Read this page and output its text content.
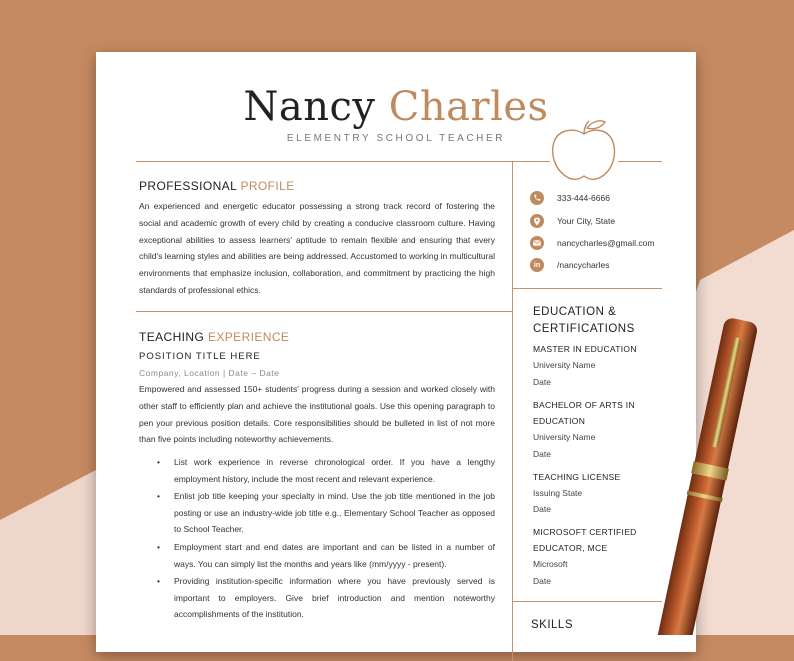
Nancy Charles
ELEMENTRY SCHOOL TEACHER
PROFESSIONAL PROFILE
An experienced and energetic educator possessing a strong track record of fostering the social and academic growth of every child by creating a conducive classroom culture. Having exceptional abilities to assess learners' aptitude to remain flexible and ensuring that every child's learning styles and abilities are being addressed. Accustomed to working in multicultural environments that emphasize inclusion, collaboration, and commitment by practicing the high standards of professional ethics.
TEACHING EXPERIENCE
POSITION TITLE HERE
Company, Location | Date – Date
Empowered and assessed 150+ students' progress during a session and worked closely with other staff to efficiently plan and achieve the institutional goals. Use this opening paragraph to pen your previous position details. Core responsibilities should be bulleted in list of not more than five points including noteworthy achievements.
• List work experience in reverse chronological order. If you have a lengthy employment history, include the most recent and relevant experience.
• Enlist job title keeping your specialty in mind. Use the job title mentioned in the job posting or use an industry-wide job title e.g., Elementary School Teacher as opposed to School Teacher.
• Employment start and end dates are important and can be listed in a number of ways. You can simply list the months and years like (mm/yyyy - present).
• Providing institution-specific information where you have previously served is important to employers. Give brief introduction and mention noteworthy accomplishments of the institution.
333-444-6666
Your City, State
nancycharles@gmail.com
in	/nancycharles
EDUCATION &
CERTIFICATIONS
MASTER IN EDUCATION
University Name
Date
BACHELOR OF ARTS IN
EDUCATION
University Name
Date
TEACHING LICENSE
Issuing State
Date
MICROSOFT CERTIFIED
EDUCATOR, MCE
Microsoft
Date
SKILLS
